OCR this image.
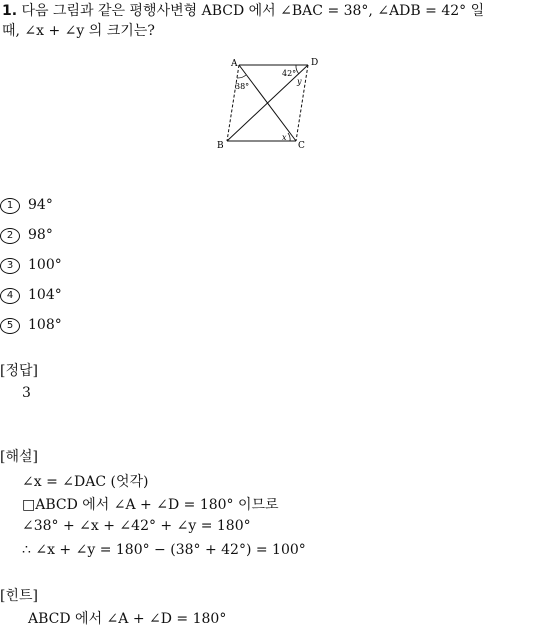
1. 다음 그림과 같은 평행사변형 ABCD 에서 ∠BAC = 38°, ∠ADB = 42° 일
때, ∠x + ∠y 의 크기는?
A	D
B	C
38°
42°
x
y
1 94°
2 98°
3 100°
4 104°
5 108°
[정답]
3
[해설]
∠x = ∠DAC (엇각)
□ABCD 에서 ∠A + ∠D = 180° 이므로
∠38° + ∠x + ∠42° + ∠y = 180°
∴ ∠x + ∠y = 180° − (38° + 42°) = 100°
[힌트]
ABCD 에서 ∠A + ∠D = 180°
